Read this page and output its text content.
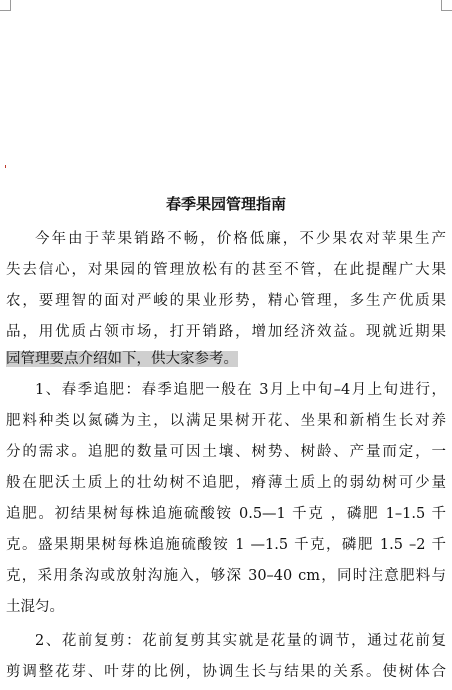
春季果园管理指南
今年由于苹果销路不畅，价格低廉，不少果农对苹果生产
失去信心，对果园的管理放松有的甚至不管，在此提醒广大果
农，要理智的面对严峻的果业形势，精心管理，多生产优质果
品，用优质占领市场，打开销路，增加经济效益。现就近期果
园管理要点介绍如下，供大家参考。
1、春季追肥：春季追肥一般在 3月上中旬–4月上旬进行，
肥料种类以氮磷为主，以满足果树开花、坐果和新梢生长对养
分的需求。追肥的数量可因土壤、树势、树龄、产量而定，一
般在肥沃土质上的壮幼树不追肥，瘠薄土质上的弱幼树可少量
追肥。初结果树每株追施硫酸铵 0.5—1 千克 ，磷肥 1–1.5 千
克。盛果期果树每株追施硫酸铵 1 —1.5 千克，磷肥 1.5 –2 千
克，采用条沟或放射沟施入，够深 30–40 cm，同时注意肥料与
土混匀。
2、花前复剪：花前复剪其实就是花量的调节，通过花前复
剪调整花芽、叶芽的比例，协调生长与结果的关系。使树体合
